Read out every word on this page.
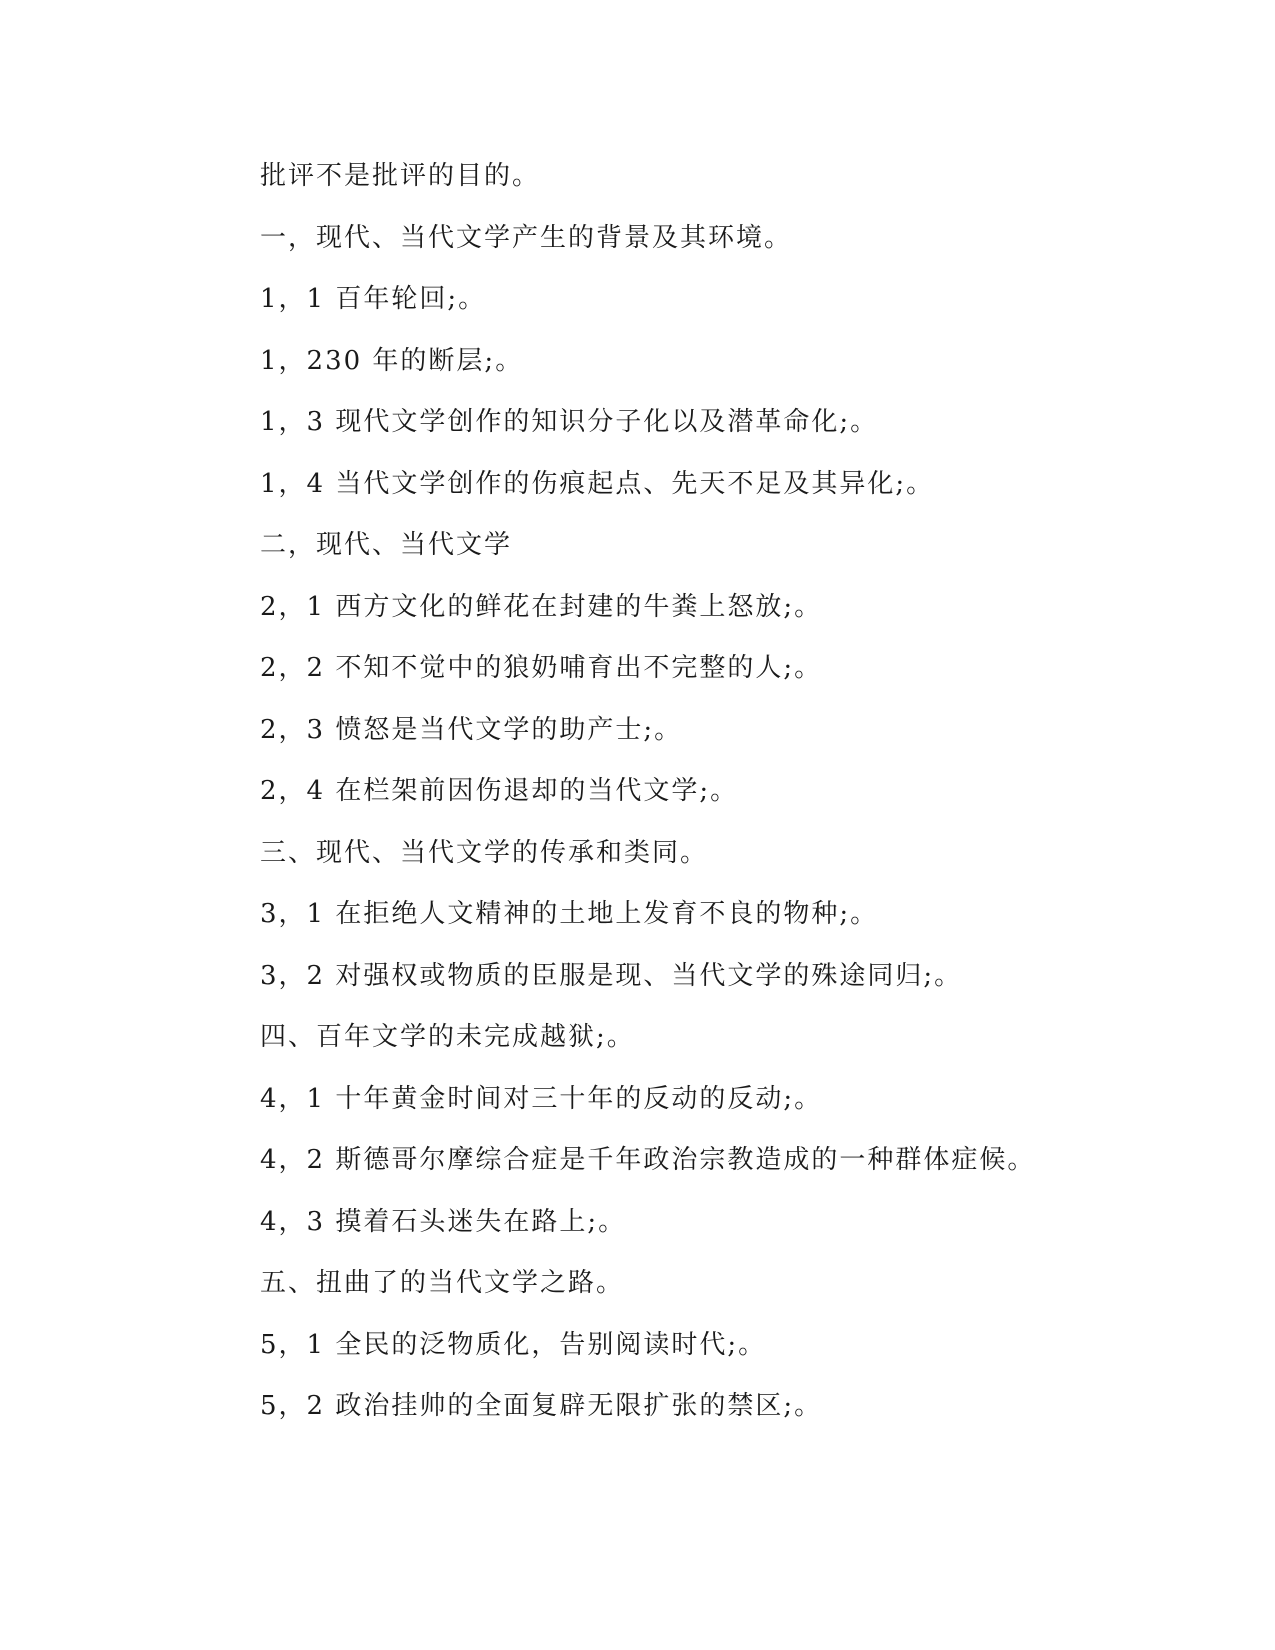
批评不是批评的目的。
一，现代、当代文学产生的背景及其环境。
1，1 百年轮回;。
1，230 年的断层;。
1，3 现代文学创作的知识分子化以及潜革命化;。
1，4 当代文学创作的伤痕起点、先天不足及其异化;。
二，现代、当代文学
2，1 西方文化的鲜花在封建的牛粪上怒放;。
2，2 不知不觉中的狼奶哺育出不完整的人;。
2，3 愤怒是当代文学的助产士;。
2，4 在栏架前因伤退却的当代文学;。
三、现代、当代文学的传承和类同。
3，1 在拒绝人文精神的土地上发育不良的物种;。
3，2 对强权或物质的臣服是现、当代文学的殊途同归;。
四、百年文学的未完成越狱;。
4，1 十年黄金时间对三十年的反动的反动;。
4，2 斯德哥尔摩综合症是千年政治宗教造成的一种群体症候。
4，3 摸着石头迷失在路上;。
五、扭曲了的当代文学之路。
5，1 全民的泛物质化，告别阅读时代;。
5，2 政治挂帅的全面复辟无限扩张的禁区;。
